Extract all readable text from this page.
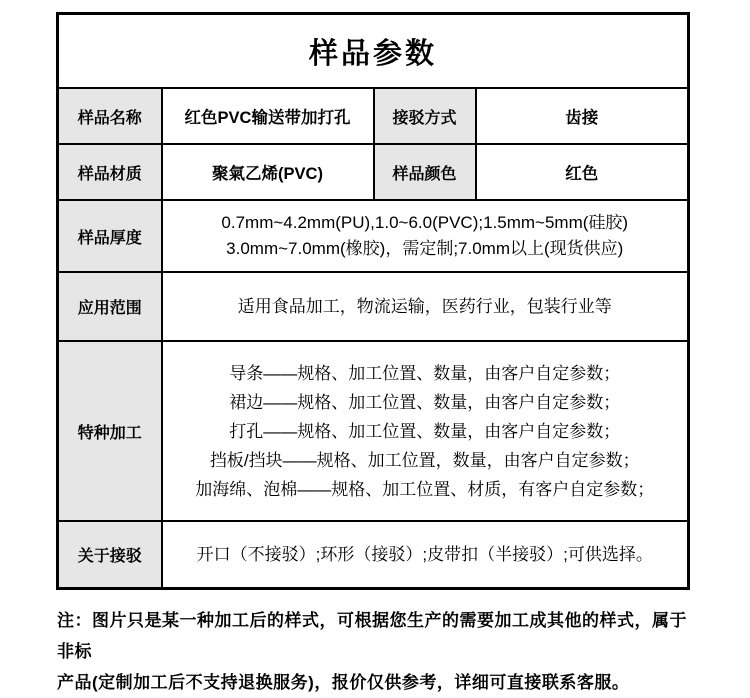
样品参数			
样品名称	红色PVC输送带加打孔	接驳方式	齿接
样品材质	聚氣乙烯(PVC)	样品颜色	红色
样品厚度	0.7mm~4.2mm(PU),1.0~6.0(PVC);1.5mm~5mm(硅胶)
3.0mm~7.0mm(橡胶)，需定制;7.0mm以上(现货供应)		

应用范围	适用食品加工，物流运输，医药行业，包装行业等		
特种加工	导条——规格、加工位置、数量，由客户自定参数；
裙边——规格、加工位置、数量，由客户自定参数；
打孔——规格、加工位置、数量，由客户自定参数；
挡板/挡块——规格、加工位置，数量，由客户自定参数；
加海绵、泡棉——规格、加工位置、材质，有客户自定参数；		

关于接驳	开口（不接驳）;环形（接驳）;皮带扣（半接驳）;可供选择。		
注：图片只是某一种加工后的样式，可根据您生产的需要加工成其他的样式，属于非标
产品(定制加工后不支持退换服务)，报价仅供参考，详细可直接联系客服。
